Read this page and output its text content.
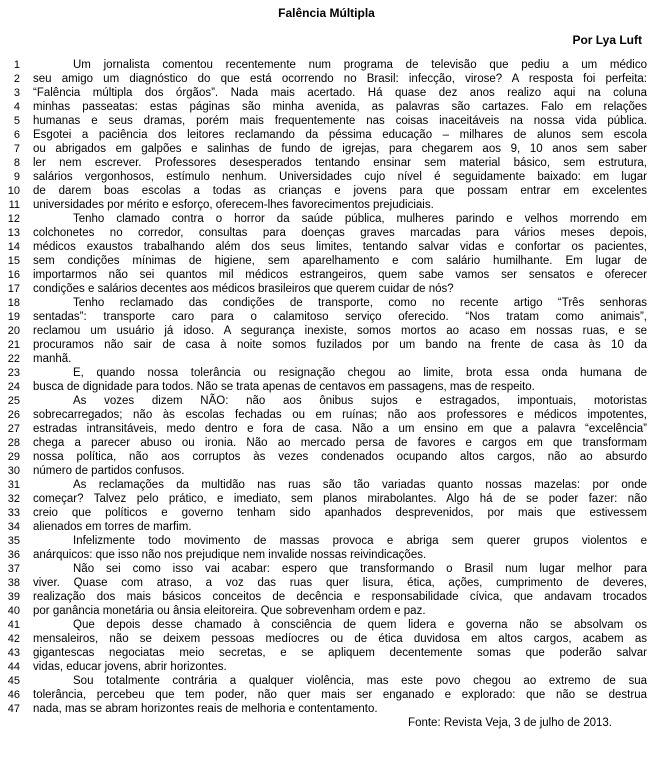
Falência Múltipla
Por Lya Luft
1	Um jornalista comentou recentemente num programa de televisão que pediu a um médico
2 seu amigo um diagnóstico do que está ocorrendo no Brasil: infecção, virose? A resposta foi perfeita:
3 “Falência múltipla dos órgãos”. Nada mais acertado. Há quase dez anos realizo aqui na coluna
4 minhas passeatas: estas páginas são minha avenida, as palavras são cartazes. Falo em relações
5 humanas e seus dramas, porém mais frequentemente nas coisas inaceitáveis na nossa vida pública.
6 Esgotei a paciência dos leitores reclamando da péssima educação – milhares de alunos sem escola
7 ou abrigados em galpões e salinhas de fundo de igrejas, para chegarem aos 9, 10 anos sem saber
8 ler nem escrever. Professores desesperados tentando ensinar sem material básico, sem estrutura,
9 salários vergonhosos, estímulo nenhum. Universidades cujo nível é seguidamente baixado: em lugar
10 de darem boas escolas a todas as crianças e jovens para que possam entrar em excelentes
11 universidades por mérito e esforço, oferecem-lhes favorecimentos prejudiciais.
12	Tenho clamado contra o horror da saúde pública, mulheres parindo e velhos morrendo em
13 colchonetes no corredor, consultas para doenças graves marcadas para vários meses depois,
14 médicos exaustos trabalhando além dos seus limites, tentando salvar vidas e confortar os pacientes,
15 sem condições mínimas de higiene, sem aparelhamento e com salário humilhante. Em lugar de
16 importarmos não sei quantos mil médicos estrangeiros, quem sabe vamos ser sensatos e oferecer
17 condições e salários decentes aos médicos brasileiros que querem cuidar de nós?
18	Tenho reclamado das condições de transporte, como no recente artigo “Três senhoras
19 sentadas”: transporte caro para o calamitoso serviço oferecido. “Nos tratam como animais”,
20 reclamou um usuário já idoso. A segurança inexiste, somos mortos ao acaso em nossas ruas, e se
21 procuramos não sair de casa à noite somos fuzilados por um bando na frente de casa às 10 da
22 manhã.
23	E, quando nossa tolerância ou resignação chegou ao limite, brota essa onda humana de
24 busca de dignidade para todos. Não se trata apenas de centavos em passagens, mas de respeito.
25	As vozes dizem NÃO: não aos ônibus sujos e estragados, impontuais, motoristas
26 sobrecarregados; não às escolas fechadas ou em ruínas; não aos professores e médicos impotentes,
27 estradas intransitáveis, medo dentro e fora de casa. Não a um ensino em que a palavra “excelência”
28 chega a parecer abuso ou ironia. Não ao mercado persa de favores e cargos em que transformam
29 nossa política, não aos corruptos às vezes condenados ocupando altos cargos, não ao absurdo
30 número de partidos confusos.
31	As reclamações da multidão nas ruas são tão variadas quanto nossas mazelas: por onde
32 começar? Talvez pelo prático, e imediato, sem planos mirabolantes. Algo há de se poder fazer: não
33 creio que políticos e governo tenham sido apanhados desprevenidos, por mais que estivessem
34 alienados em torres de marfim.
35	Infelizmente todo movimento de massas provoca e abriga sem querer grupos violentos e
36 anárquicos: que isso não nos prejudique nem invalide nossas reivindicações.
37	Não sei como isso vai acabar: espero que transformando o Brasil num lugar melhor para
38 viver. Quase com atraso, a voz das ruas quer lisura, ética, ações, cumprimento de deveres,
39 realização dos mais básicos conceitos de decência e responsabilidade cívica, que andavam trocados
40 por ganância monetária ou ânsia eleitoreira. Que sobrevenham ordem e paz.
41	Que depois desse chamado à consciência de quem lidera e governa não se absolvam os
42 mensaleiros, não se deixem pessoas medíocres ou de ética duvidosa em altos cargos, acabem as
43 gigantescas negociatas meio secretas, e se apliquem decentemente somas que poderão salvar
44 vidas, educar jovens, abrir horizontes.
45	Sou totalmente contrária a qualquer violência, mas este povo chegou ao extremo de sua
46 tolerância, percebeu que tem poder, não quer mais ser enganado e explorado: que não se destrua
47 nada, mas se abram horizontes reais de melhoria e contentamento.
Fonte: Revista Veja, 3 de julho de 2013.
